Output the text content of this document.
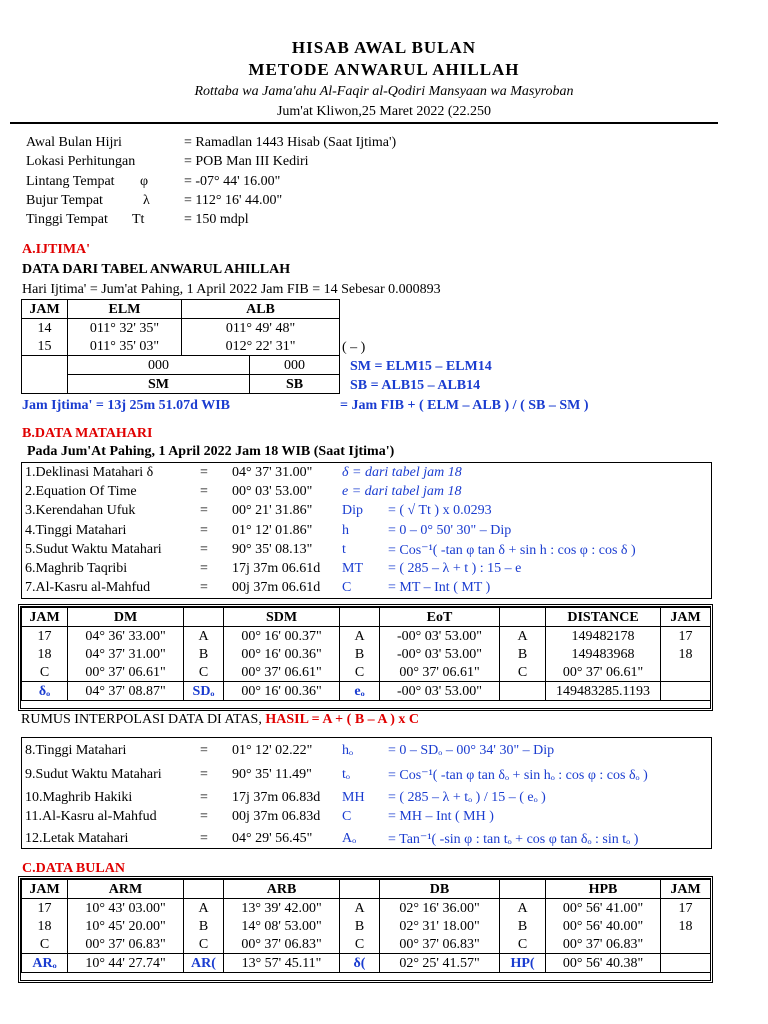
HISAB AWAL BULAN
METODE ANWARUL AHILLAH
Rottaba wa Jama'ahu Al-Faqir al-Qodiri Mansyaan wa Masyroban
Jum'at Kliwon,25 Maret 2022 (22.250
Awal Bulan Hijri	= Ramadlan 1443 Hisab (Saat Ijtima')
Lokasi Perhitungan	= POB Man III Kediri
Lintang Tempat φ	= -07° 44' 16.00"
Bujur Tempat	λ = 112° 16' 44.00"
Tinggi Tempat Tt	= 150 mdpl
A.IJTIMA'
DATA DARI TABEL ANWARUL AHILLAH
Hari Ijtima' = Jum'at Pahing, 1 April 2022 Jam FIB = 14 Sebesar 0.000893
JAM	ELM	ALB	
14	011° 32' 35"	011° 49' 48"	
15	011° 35' 03"	012° 22' 31"	
	000		000
	SM		SB
( – )
SM = ELM15 – ELM14
SB = ALB15 – ALB14
Jam Ijtima' = 13j 25m 51.07d WIB	= Jam FIB + ( ELM – ALB ) / ( SB – SM )
B.DATA MATAHARI
Pada Jum'At Pahing, 1 April 2022 Jam 18 WIB (Saat Ijtima')
1.Deklinasi Matahari δ	= 04° 37' 31.00" δ = dari tabel jam 18
2.Equation Of Time	= 00° 03' 53.00" e = dari tabel jam 18
3.Kerendahan Ufuk	= 00° 21' 31.86" Dip = ( √ Tt ) x 0.0293
4.Tinggi Matahari	= 01° 12' 01.86" h	= 0 – 0° 50' 30" – Dip
5.Sudut Waktu Matahari	= 90° 35' 08.13" t	= Cos⁻¹( -tan φ tan δ + sin h : cos φ : cos δ )
6.Maghrib Taqribi	= 17j 37m 06.61d MT = ( 285 – λ + t ) : 15 – e
7.Al-Kasru al-Mahfud	= 00j 37m 06.61d C	= MT – Int ( MT )
JAM	DM		SDM		EoT		DISTANCE	JAM
17	04° 36' 33.00"	A	00° 16' 00.37"	A	-00° 03' 53.00"	A	149482178	17
18	04° 37' 31.00"	B	00° 16' 00.36"	B	-00° 03' 53.00"	B	149483968	18
C	00° 37' 06.61"	C	00° 37' 06.61"	C	00° 37' 06.61"	C	00° 37' 06.61"	
δₒ	04° 37' 08.87"	SDₒ	00° 16' 00.36"	eₒ	-00° 03' 53.00"		149483285.1193	
RUMUS INTERPOLASI DATA DI ATAS, HASIL = A + ( B – A ) x C
8.Tinggi Matahari	= 01° 12' 02.22" hₒ = 0 – SDₒ – 00° 34' 30" – Dip
9.Sudut Waktu Matahari	= 90° 35' 11.49" tₒ	= Cos⁻¹( -tan φ tan δₒ + sin hₒ : cos φ : cos δₒ )
10.Maghrib Hakiki	= 17j 37m 06.83d MH = ( 285 – λ + tₒ ) / 15 – ( eₒ )
11.Al-Kasru al-Mahfud	= 00j 37m 06.83d C	= MH – Int ( MH )
12.Letak Matahari	= 04° 29' 56.45" Aₒ = Tan⁻¹( -sin φ : tan tₒ + cos φ tan δₒ : sin tₒ )
C.DATA BULAN
JAM	ARM		ARB		DB		HPB	JAM
17	10° 43' 03.00"	A	13° 39' 42.00"	A	02° 16' 36.00"	A	00° 56' 41.00"	17
18	10° 45' 20.00"	B	14° 08' 53.00"	B	02° 31' 18.00"	B	00° 56' 40.00"	18
C	00° 37' 06.83"	C	00° 37' 06.83"	C	00° 37' 06.83"	C	00° 37' 06.83"	
ARₒ	10° 44' 27.74"	AR(	13° 57' 45.11"	δ(	02° 25' 41.57"	HP(	00° 56' 40.38"	
